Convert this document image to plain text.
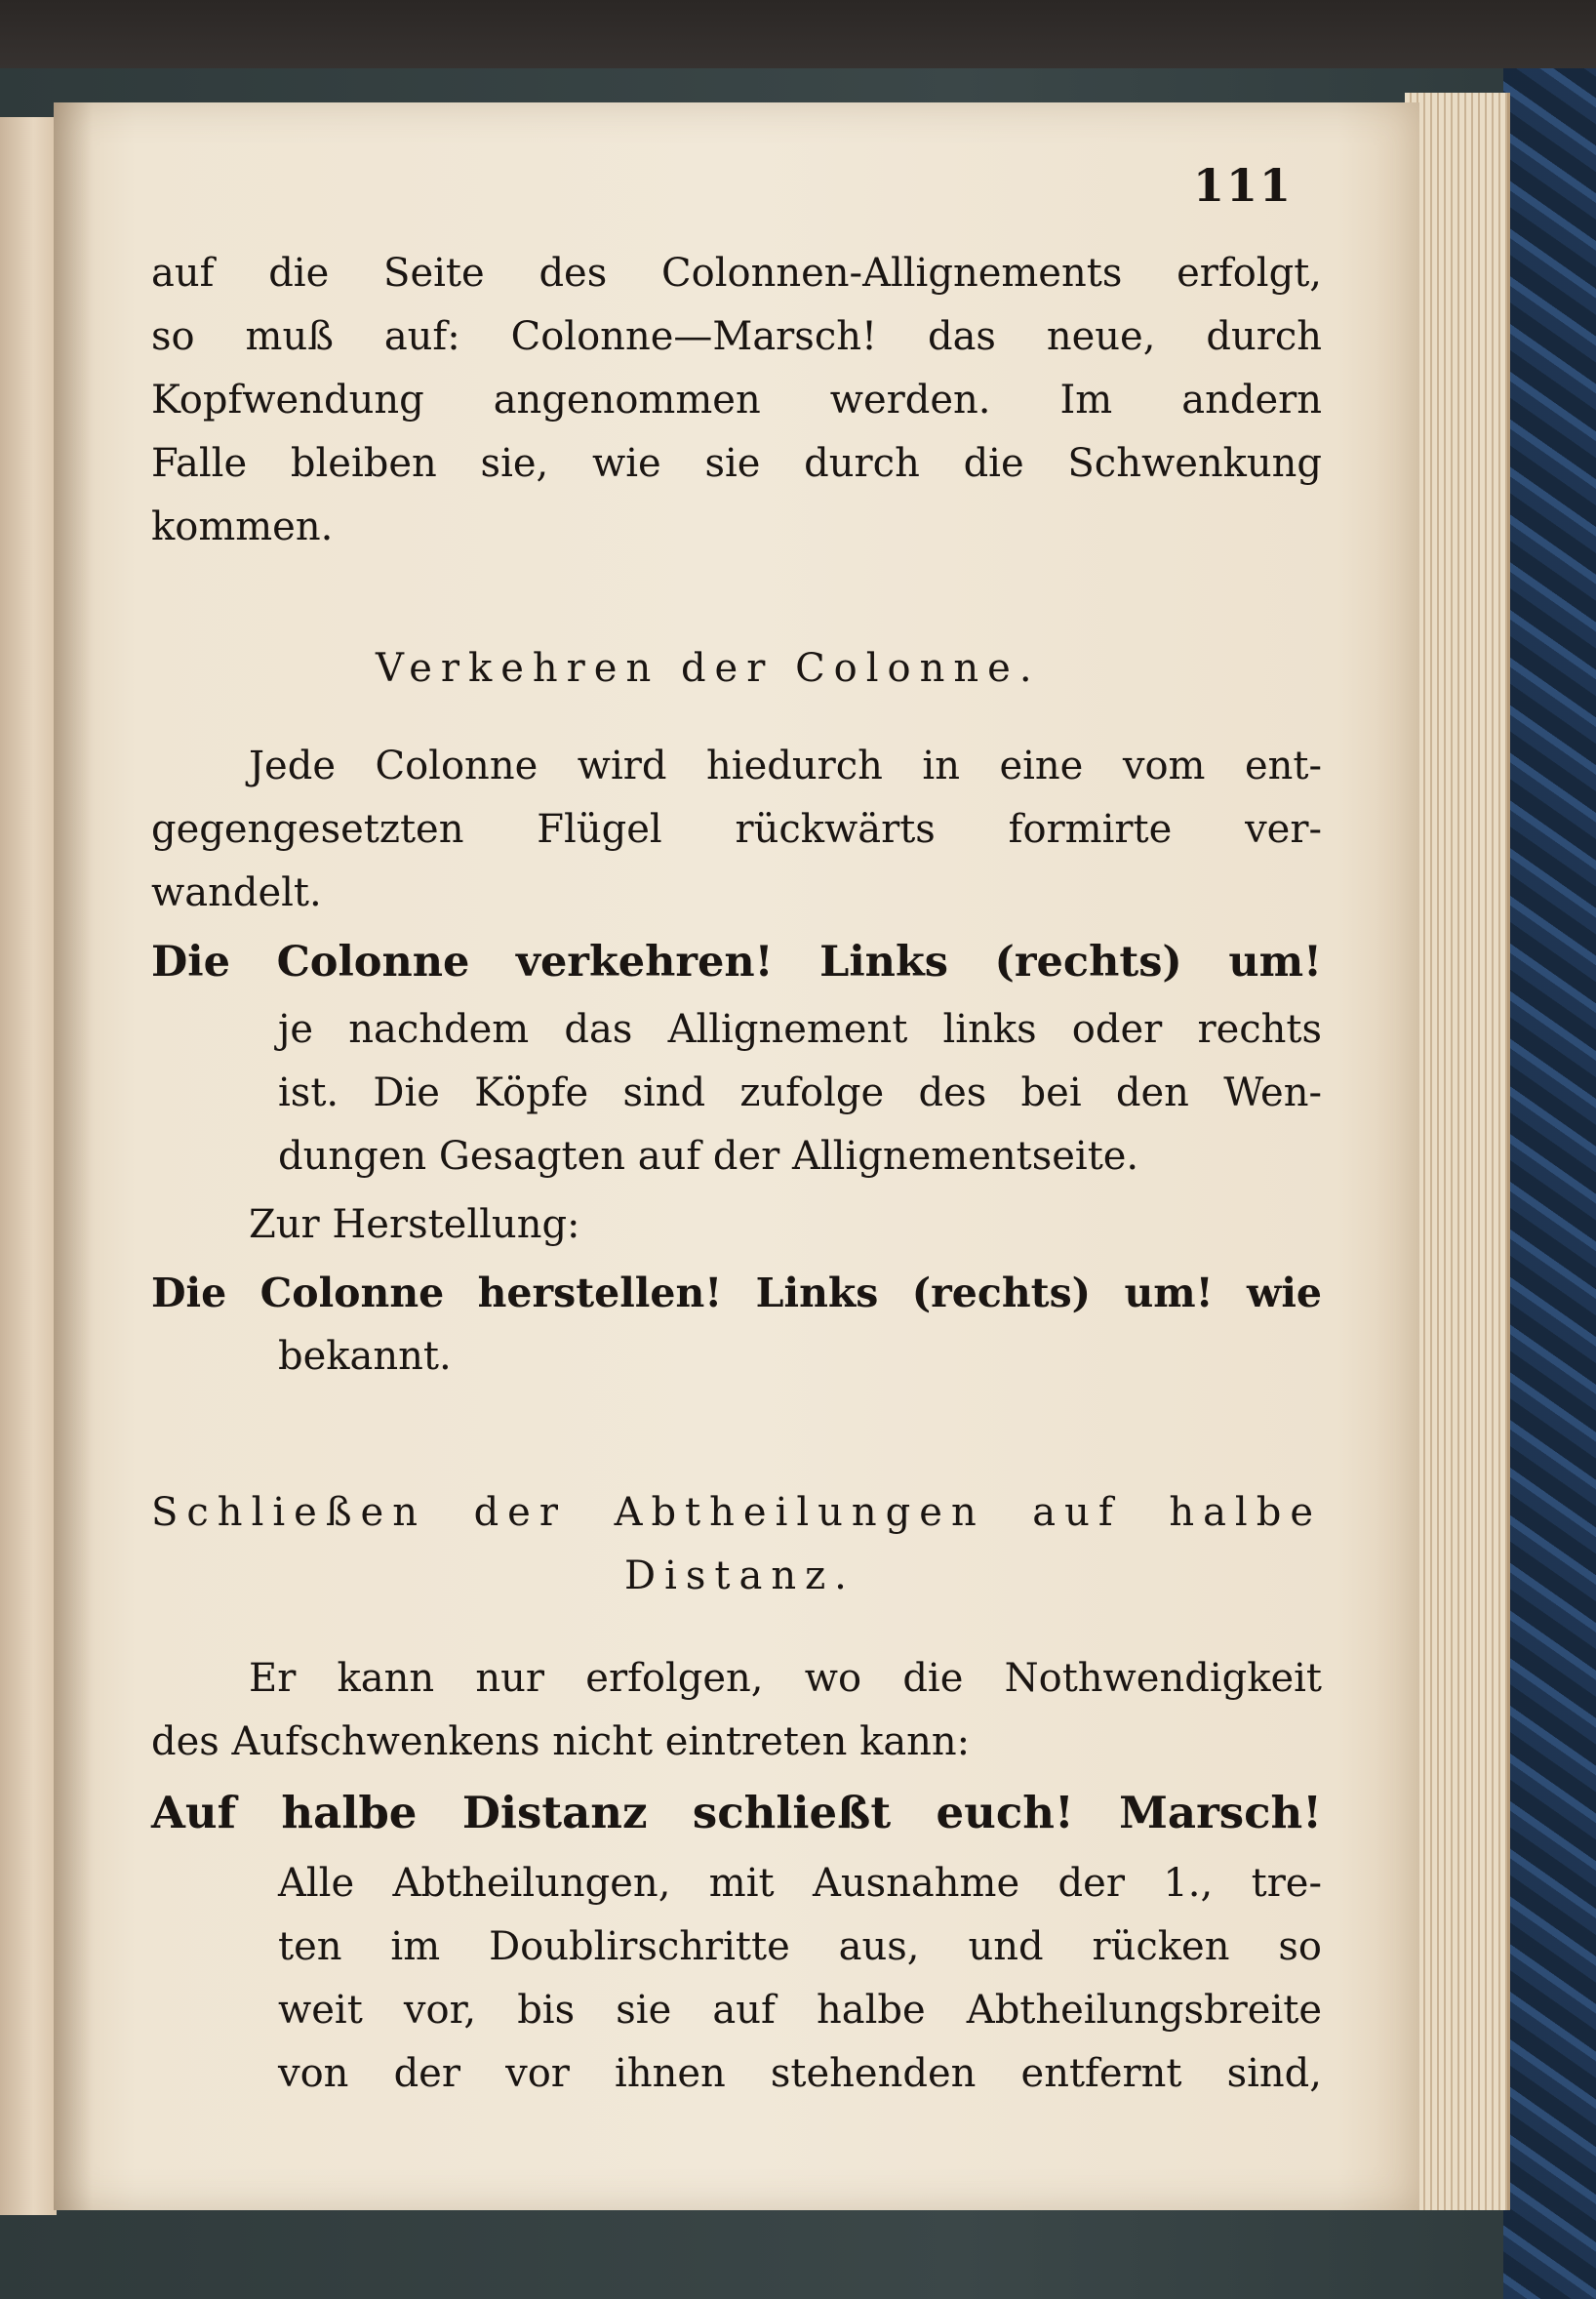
111
auf die Seite des Colonnen-Allignements erfolgt,
so muß auf: Colonne—Marsch! das neue, durch
Kopfwendung angenommen werden. Im andern
Falle bleiben sie, wie sie durch die Schwenkung
kommen.
Verkehren der Colonne.
Jede Colonne wird hiedurch in eine vom ent-
gegengesetzten Flügel rückwärts formirte ver-
wandelt.
Die Colonne verkehren! Links (rechts) um!
je nachdem das Allignement links oder rechts
ist. Die Köpfe sind zufolge des bei den Wen-
dungen Gesagten auf der Allignementseite.
Zur Herstellung:
Die Colonne herstellen! Links (rechts) um! wie
bekannt.
Schließen der Abtheilungen auf halbe
Distanz.
Er kann nur erfolgen, wo die Nothwendigkeit
des Aufschwenkens nicht eintreten kann:
Auf halbe Distanz schließt euch! Marsch!
Alle Abtheilungen, mit Ausnahme der 1., tre-
ten im Doublirschritte aus, und rücken so
weit vor, bis sie auf halbe Abtheilungsbreite
von der vor ihnen stehenden entfernt sind,
